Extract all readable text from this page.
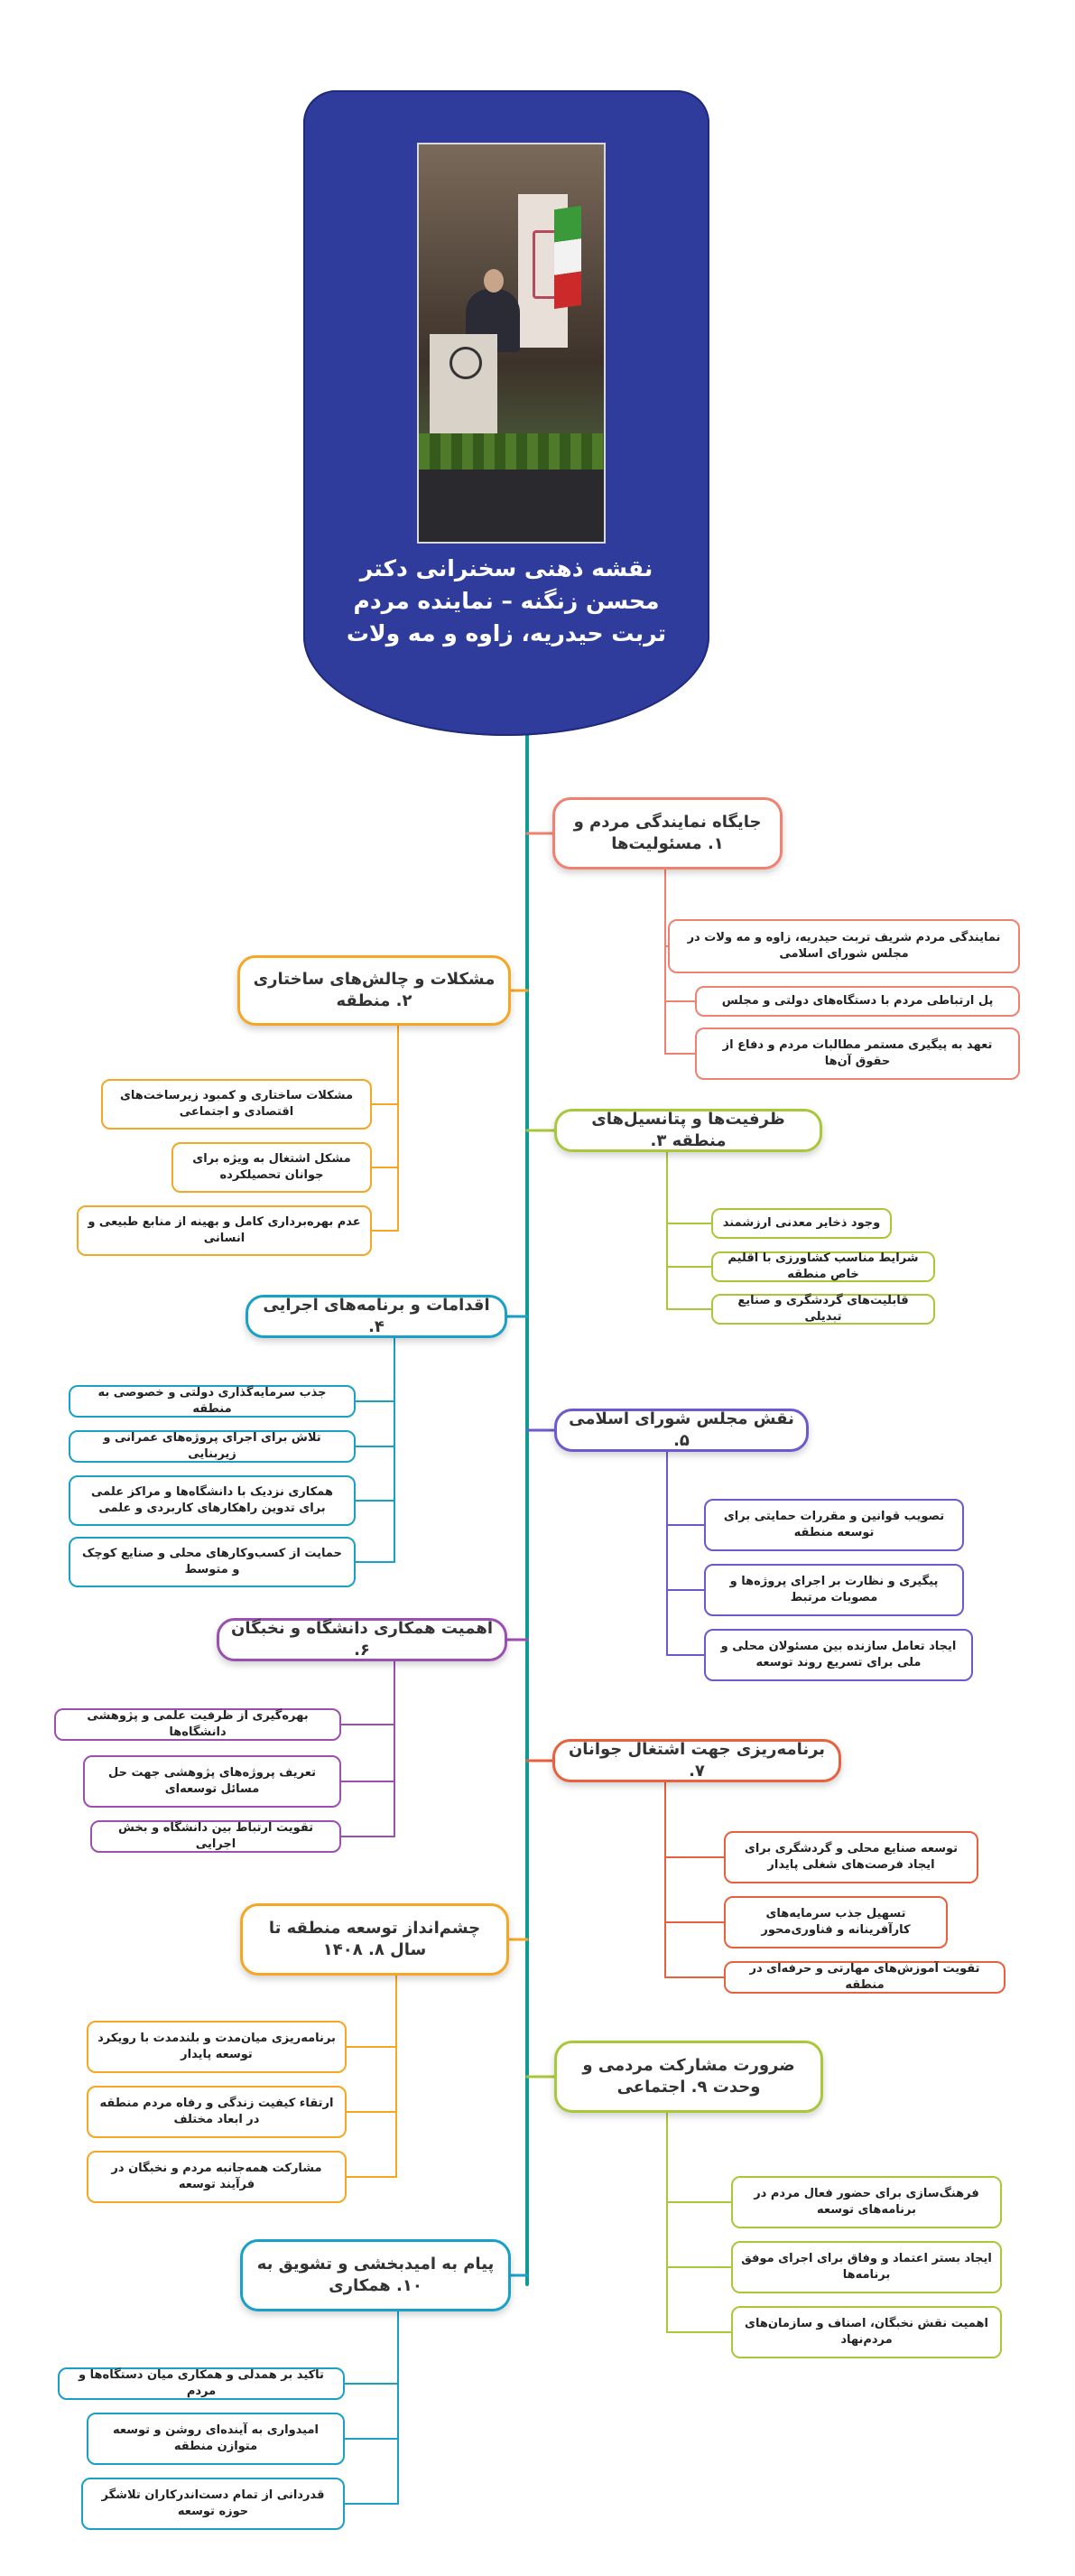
نقشه ذهنی سخنرانی دکتر
محسن زنگنه – نماینده مردم
تربت حیدریه، زاوه و مه ولات
جایگاه نمایندگی مردم و ۱. مسئولیت‌ها
نمایندگی مردم شریف تربت حیدریه، زاوه و مه ولات در مجلس شورای اسلامی
پل ارتباطی مردم با دستگاه‌های دولتی و مجلس
تعهد به پیگیری مستمر مطالبات مردم و دفاع از حقوق آن‌ها
مشکلات و چالش‌های ساختاری ۲. منطقه
مشکلات ساختاری و کمبود زیرساخت‌های اقتصادی و اجتماعی
مشکل اشتغال به ویژه برای جوانان تحصیلکرده
عدم بهره‌برداری کامل و بهینه از منابع طبیعی و انسانی
ظرفیت‌ها و پتانسیل‌های منطقه ۳.
وجود ذخایر معدنی ارزشمند
شرایط مناسب کشاورزی با اقلیم خاص منطقه
قابلیت‌های گردشگری و صنایع تبدیلی
اقدامات و برنامه‌های اجرایی ۴.
جذب سرمایه‌گذاری دولتی و خصوصی به منطقه
تلاش برای اجرای پروژه‌های عمرانی و زیربنایی
همکاری نزدیک با دانشگاه‌ها و مراکز علمی برای تدوین راهکارهای کاربردی و علمی
حمایت از کسب‌وکارهای محلی و صنایع کوچک و متوسط
نقش مجلس شورای اسلامی ۵.
تصویب قوانین و مقررات حمایتی برای توسعه منطقه
پیگیری و نظارت بر اجرای پروژه‌ها و مصوبات مرتبط
ایجاد تعامل سازنده بین مسئولان محلی و ملی برای تسریع روند توسعه
اهمیت همکاری دانشگاه و نخبگان ۶.
بهره‌گیری از ظرفیت علمی و پژوهشی دانشگاه‌ها
تعریف پروژه‌های پژوهشی جهت حل مسائل توسعه‌ای
تقویت ارتباط بین دانشگاه و بخش اجرایی
برنامه‌ریزی جهت اشتغال جوانان ۷.
توسعه صنایع محلی و گردشگری برای ایجاد فرصت‌های شغلی پایدار
تسهیل جذب سرمایه‌های کارآفرینانه و فناوری‌محور
تقویت آموزش‌های مهارتی و حرفه‌ای در منطقه
چشم‌انداز توسعه منطقه تا سال ۸. ۱۴۰۸
برنامه‌ریزی میان‌مدت و بلندمدت با رویکرد توسعه پایدار
ارتقاء کیفیت زندگی و رفاه مردم منطقه در ابعاد مختلف
مشارکت همه‌جانبه مردم و نخبگان در فرآیند توسعه
ضرورت مشارکت مردمی و وحدت ۹. اجتماعی
فرهنگ‌سازی برای حضور فعال مردم در برنامه‌های توسعه
ایجاد بستر اعتماد و وفاق برای اجرای موفق برنامه‌ها
اهمیت نقش نخبگان، اصناف و سازمان‌های مردم‌نهاد
پیام به امیدبخشی و تشویق به ۱۰. همکاری
تاکید بر همدلی و همکاری میان دستگاه‌ها و مردم
امیدواری به آینده‌ای روشن و توسعه متوازن منطقه
قدردانی از تمام دست‌اندرکاران تلاشگر حوزه توسعه
